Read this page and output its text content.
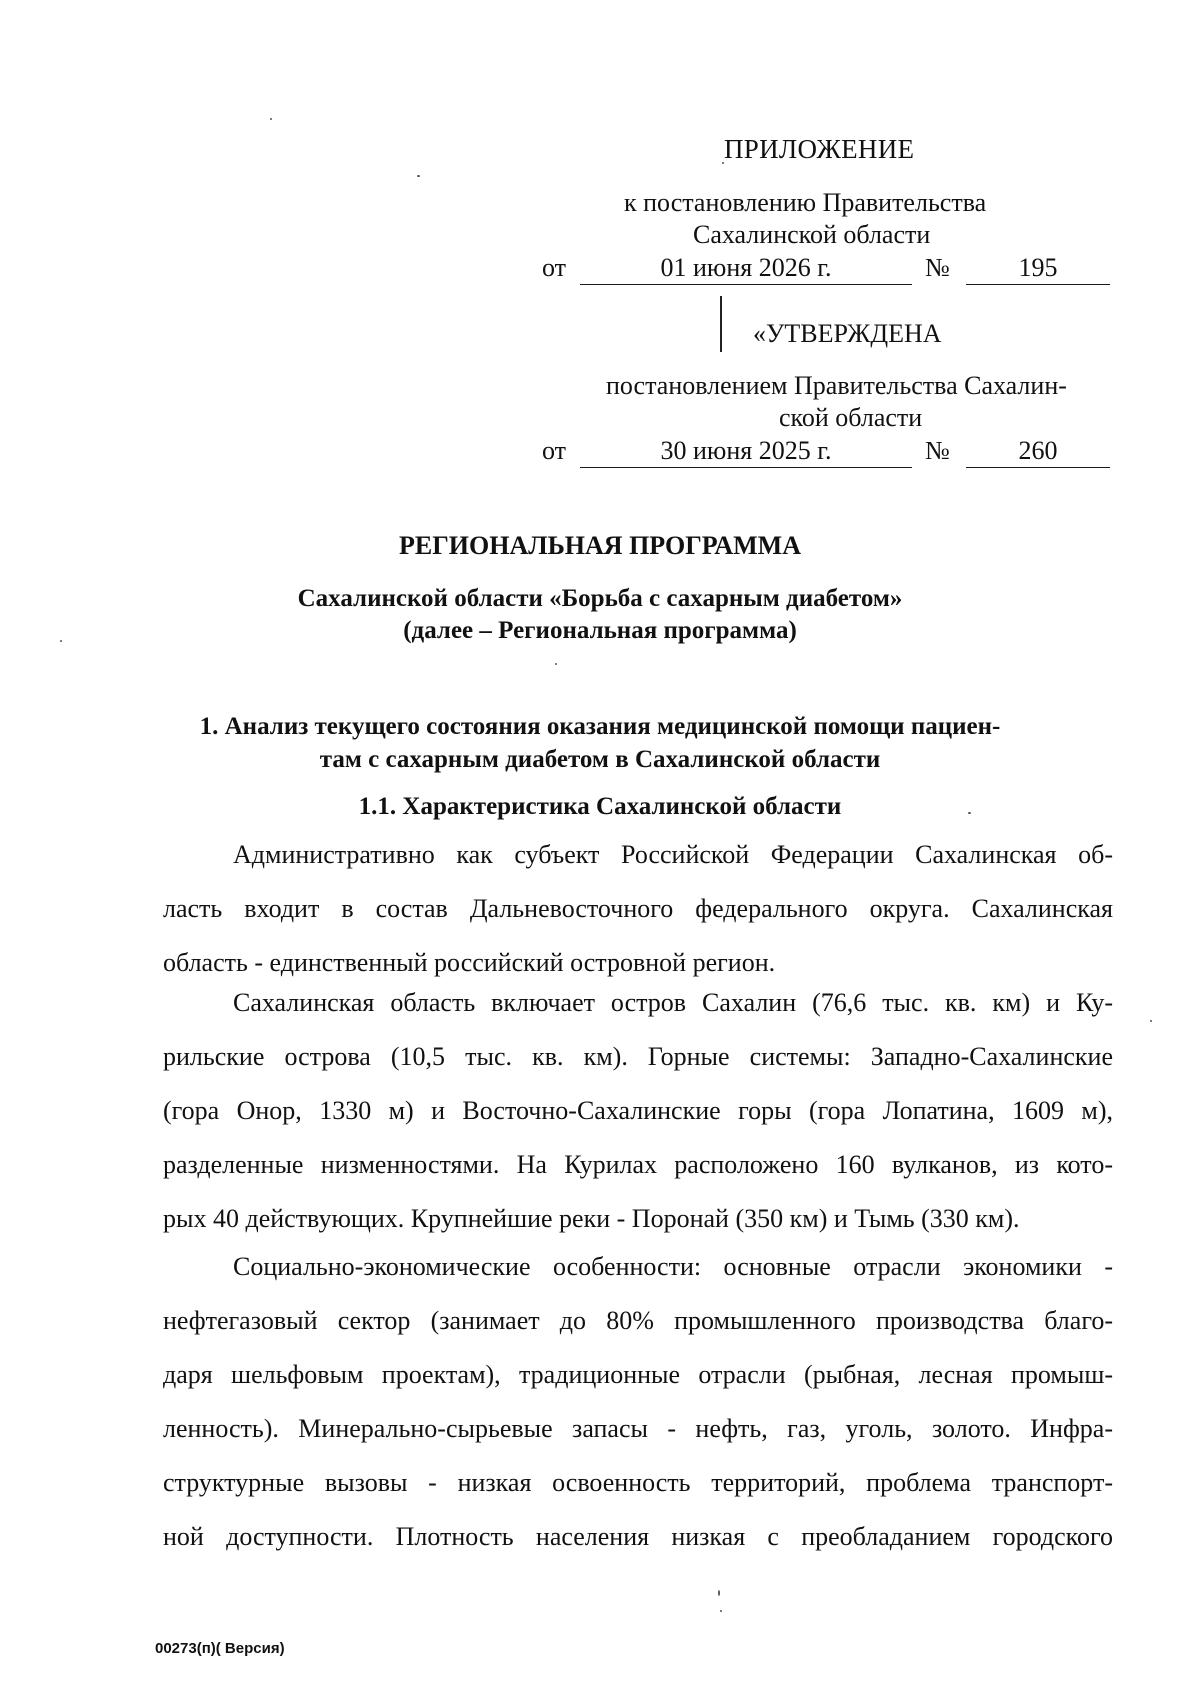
ПРИЛОЖЕНИЕ
к постановлению Правительства
Сахалинской области
от	01 июня 2026 г.	№	195
«УТВЕРЖДЕНА
постановлением Правительства Сахалин-
ской области
от	30 июня 2025 г.	№	260
РЕГИОНАЛЬНАЯ ПРОГРАММА
Сахалинской области «Борьба с сахарным диабетом»
(далее – Региональная программа)
1. Анализ текущего состояния оказания медицинской помощи пациен-
там с сахарным диабетом в Сахалинской области
1.1. Характеристика Сахалинской области
Административно как субъект Российской Федерации Сахалинская об-
ласть входит в состав Дальневосточного федерального округа. Сахалинская
область - единственный российский островной регион.
Сахалинская область включает остров Сахалин (76,6 тыс. кв. км) и Ку-
рильские острова (10,5 тыс. кв. км). Горные системы: Западно-Сахалинские
(гора Онор, 1330 м) и Восточно-Сахалинские горы (гора Лопатина, 1609 м),
разделенные низменностями. На Курилах расположено 160 вулканов, из кото-
рых 40 действующих. Крупнейшие реки - Поронай (350 км) и Тымь (330 км).
Социально-экономические особенности: основные отрасли экономики -
нефтегазовый сектор (занимает до 80% промышленного производства благо-
даря шельфовым проектам), традиционные отрасли (рыбная, лесная промыш-
ленность). Минерально-сырьевые запасы - нефть, газ, уголь, золото. Инфра-
структурные вызовы - низкая освоенность территорий, проблема транспорт-
ной доступности. Плотность населения низкая с преобладанием городского
00273(п)( Версия)
